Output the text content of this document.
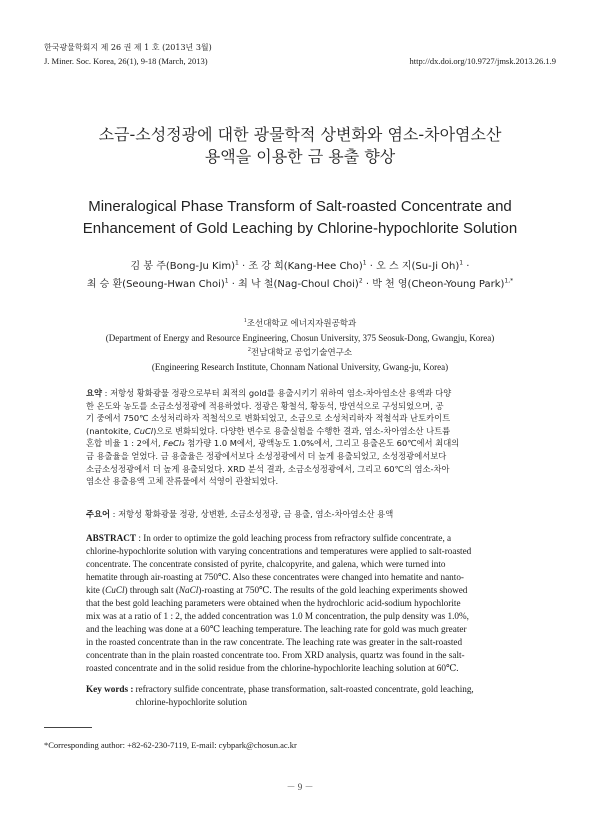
한국광물학회지 제 26 권 제 1 호 (2013년 3월)
J. Miner. Soc. Korea, 26(1), 9-18 (March, 2013)	http://dx.doi.org/10.9727/jmsk.2013.26.1.9
소금-소성정광에 대한 광물학적 상변화와 염소-차아염소산
용액을 이용한 금 용출 향상
Mineralogical Phase Transform of Salt-roasted Concentrate and
Enhancement of Gold Leaching by Chlorine-hypochlorite Solution
김 봉 주(Bong-Ju Kim)$^1$ · 조 강 희(Kang-Hee Cho)$^1$ · 오 스 지(Su-Ji Oh)$^1$ ·
최 승 환(Seoung-Hwan Choi)$^1$ · 최 낙 철(Nag-Choul Choi)$^2$ · 박 천 영(Cheon-Young Park)$^{1,*}$
$^1$조선대학교 에너지자원공학과
(Department of Energy and Resource Engineering, Chosun University, 375 Seosuk-Dong, Gwangju, Korea)
$^2$전남대학교 공업기술연구소
(Engineering Research Institute, Chonnam National University, Gwang-ju, Korea)
요약 : 저항성 황화광물 정광으로부터 최적의 gold를 용출시키기 위하여 염소-차아염소산 용액과 다양
한 온도와 농도를 소금소성정광에 적용하였다. 정광은 황철석, 황동석, 방연석으로 구성되었으며, 공
기 중에서 750℃ 소성처리하자 적철석으로 변화되었고, 소금으로 소성처리하자 적철석과 난토카이트
(nantokite, CuCl)으로 변화되었다. 다양한 변수로 용출실험을 수행한 결과, 염소-차아염소산 나트륨
혼합 비율 1 : 2에서, FeCl₃ 첨가량 1.0 M에서, 광액농도 1.0%에서, 그리고 용출온도 60℃에서 최대의
금 용출율을 얻었다. 금 용출율은 정광에서보다 소성정광에서 더 높게 용출되었고, 소성정광에서보다
소금소성정광에서 더 높게 용출되었다. XRD 분석 결과, 소금소성정광에서, 그리고 60℃의 염소-차아
염소산 용출용액 고체 잔류물에서 석영이 관찰되었다.
주요어 : 저항성 황화광물 정광, 상변환, 소금소성정광, 금 용출, 염소-차아염소산 용액
ABSTRACT : In order to optimize the gold leaching process from refractory sulfide concentrate, a
chlorine-hypochlorite solution with varying concentrations and temperatures were applied to salt-roasted
concentrate. The concentrate consisted of pyrite, chalcopyrite, and galena, which were turned into
hematite through air-roasting at 750℃. Also these concentrates were changed into hematite and nanto-
kite (CuCl) through salt (NaCl)-roasting at 750℃. The results of the gold leaching experiments showed
that the best gold leaching parameters were obtained when the hydrochloric acid-sodium hypochlorite
mix was at a ratio of 1 : 2, the added concentration was 1.0 M concentration, the pulp density was 1.0%,
and the leaching was done at a 60℃ leaching temperature. The leaching rate for gold was much greater
in the roasted concentrate than in the raw concentrate. The leaching rate was greater in the salt-roasted
concentrate than in the plain roasted concentrate too. From XRD analysis, quartz was found in the salt-
roasted concentrate and in the solid residue from the chlorine-hypochlorite leaching solution at 60℃.
Key words : refractory sulfide concentrate, phase transformation, salt-roasted concentrate, gold leaching,
chlorine-hypochlorite solution
*Corresponding author: +82-62-230-7119, E-mail: cybpark@chosun.ac.kr
－ 9 －
